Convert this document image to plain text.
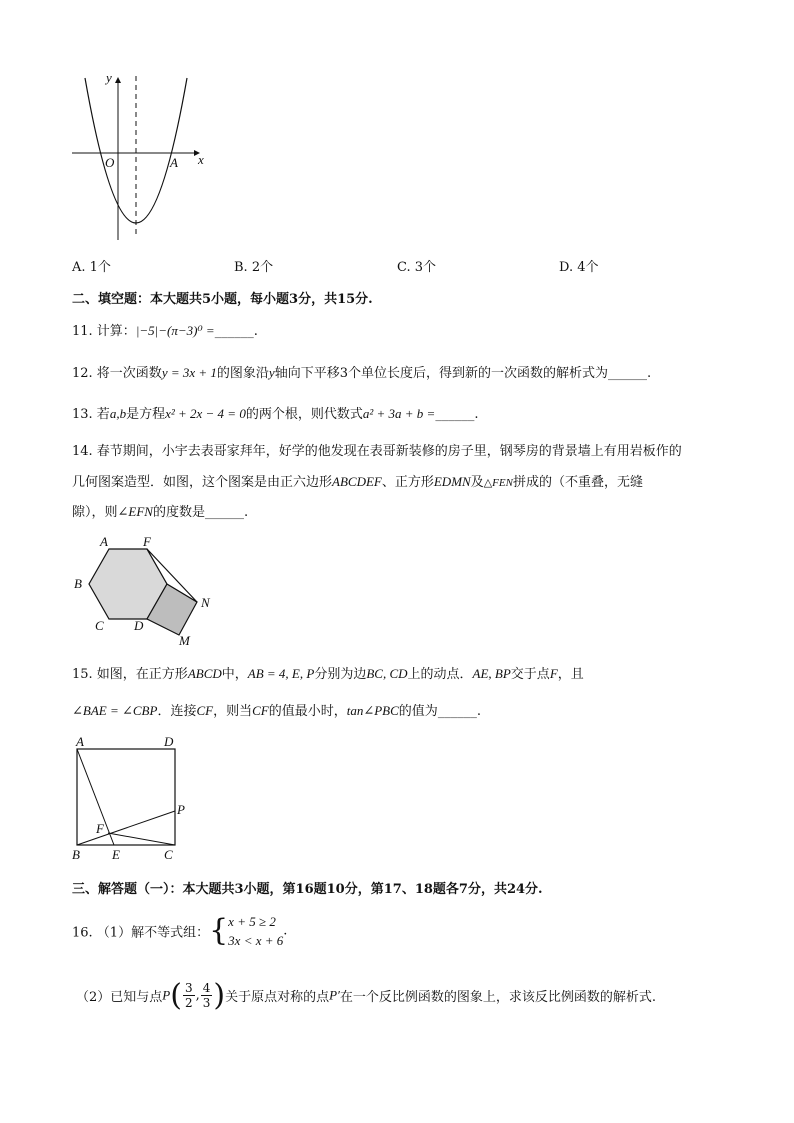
y
O	A x
A. 1个	B. 2个	C. 3个	D. 4个
二、填空题：本大题共5小题，每小题3分，共15分.
11. 计算：|−5|−(π−3)⁰ =______.
12. 将一次函数y = 3x + 1的图象沿y轴向下平移3个单位长度后，得到新的一次函数的解析式为______.
13. 若a,b是方程x² + 2x − 4 = 0的两个根，则代数式a² + 3a + b =______.
14. 春节期间，小宇去表哥家拜年，好学的他发现在表哥新装修的房子里，钢琴房的背景墙上有用岩板作的
几何图案造型．如图，这个图案是由正六边形ABCDEF、正方形EDMN及△FEN拼成的（不重叠，无缝
隙），则∠EFN的度数是______.
A	F
B
N
C D
M
15. 如图，在正方形ABCD中，AB = 4, E, P分别为边BC, CD上的动点．AE, BP交于点F，且
∠BAE = ∠CBP．连接CF，则当CF的值最小时，tan∠PBC的值为______.
A	D
P
F
B E	C
三、解答题（一）：本大题共3小题，第16题10分，第17、18题各7分，共24分.
16. （1）解不等式组：{ x + 5 ≥ 2
3x < x + 6
.
（2）已知与点$P( \frac{3}{2}$ , $\frac{4}{3}$ )关于原点对称的点P′在一个反比例函数的图象上，求该反比例函数的解析式.
